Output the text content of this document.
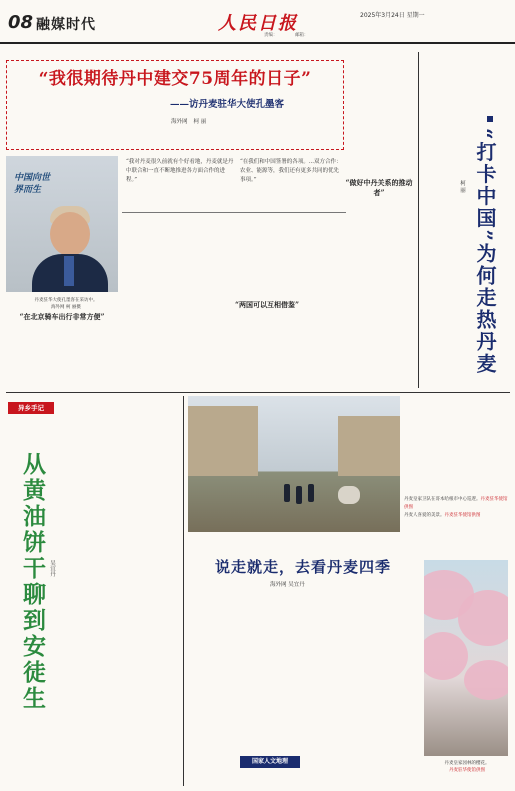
08 融媒时代	人民日报	2025年3月24日 星期一
责编：	邮箱：
“我很期待丹中建交75周年的日子”
——访丹麦驻华大使孔墨客
海外网 柯 丽
中国向世界而生
丹麦驻华大使孔墨客在采访中。
海外网 柯 丽摄
“我对丹麦很久前就有个好看地，丹麦就是丹中联合和一直不断地推进各方面合作的进程。”
“在我们和中国签署的各项。...双方合作：农业、能源等，我们还有更多共同的优先事项。”
“在北京骑车出行非常方便”
“两国可以互相借鉴”
“做好中丹关系的推动者”	“打卡中国”为何走热丹麦
柯 丽
异乡手记
从黄油饼干聊到安徒生 吴宜丹
丹麦皇家卫队在哥本哈根市中心巡逻。丹麦驻华使馆供图
丹麦人喜爱的美景。丹麦驻华使馆供图
说走就走，去看丹麦四季
海外网 吴宜丹
国家人文地理	丹麦皇家园林的樱花。
丹麦驻华使馆供图
